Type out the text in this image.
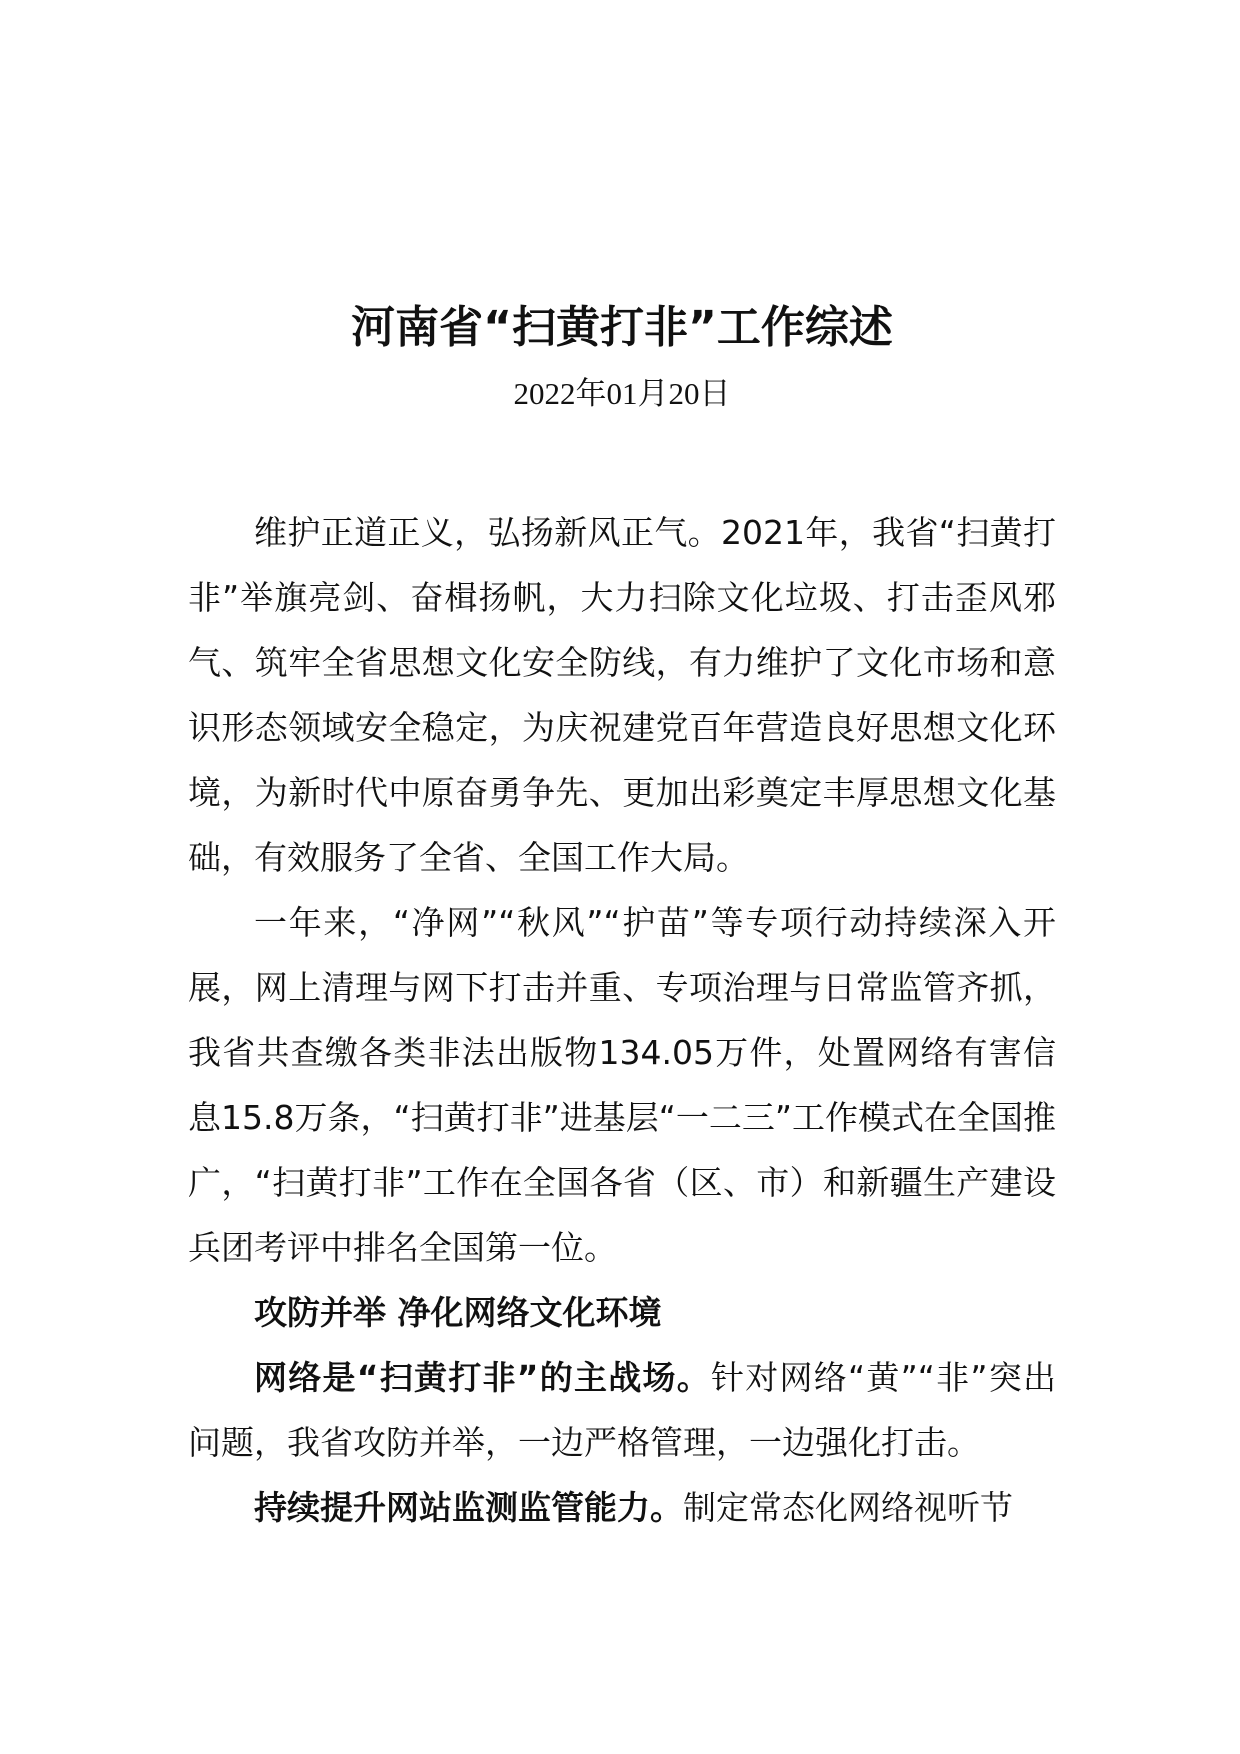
河南省“扫黄打非”工作综述
2022年01月20日

维护正道正义，弘扬新风正气。2021年，我省“扫黄打非”举旗亮剑、奋楫扬帆，大力扫除文化垃圾、打击歪风邪气、筑牢全省思想文化安全防线，有力维护了文化市场和意识形态领域安全稳定，为庆祝建党百年营造良好思想文化环境，为新时代中原奋勇争先、更加出彩奠定丰厚思想文化基础，有效服务了全省、全国工作大局。

一年来，“净网”“秋风”“护苗”等专项行动持续深入开展，网上清理与网下打击并重、专项治理与日常监管齐抓，我省共查缴各类非法出版物134.05万件，处置网络有害信息15.8万条，“扫黄打非”进基层“一二三”工作模式在全国推广，“扫黄打非”工作在全国各省（区、市）和新疆生产建设兵团考评中排名全国第一位。

攻防并举 净化网络文化环境

网络是“扫黄打非”的主战场。针对网络“黄”“非”突出问题，我省攻防并举，一边严格管理，一边强化打击。

持续提升网站监测监管能力。制定常态化网络视听节
